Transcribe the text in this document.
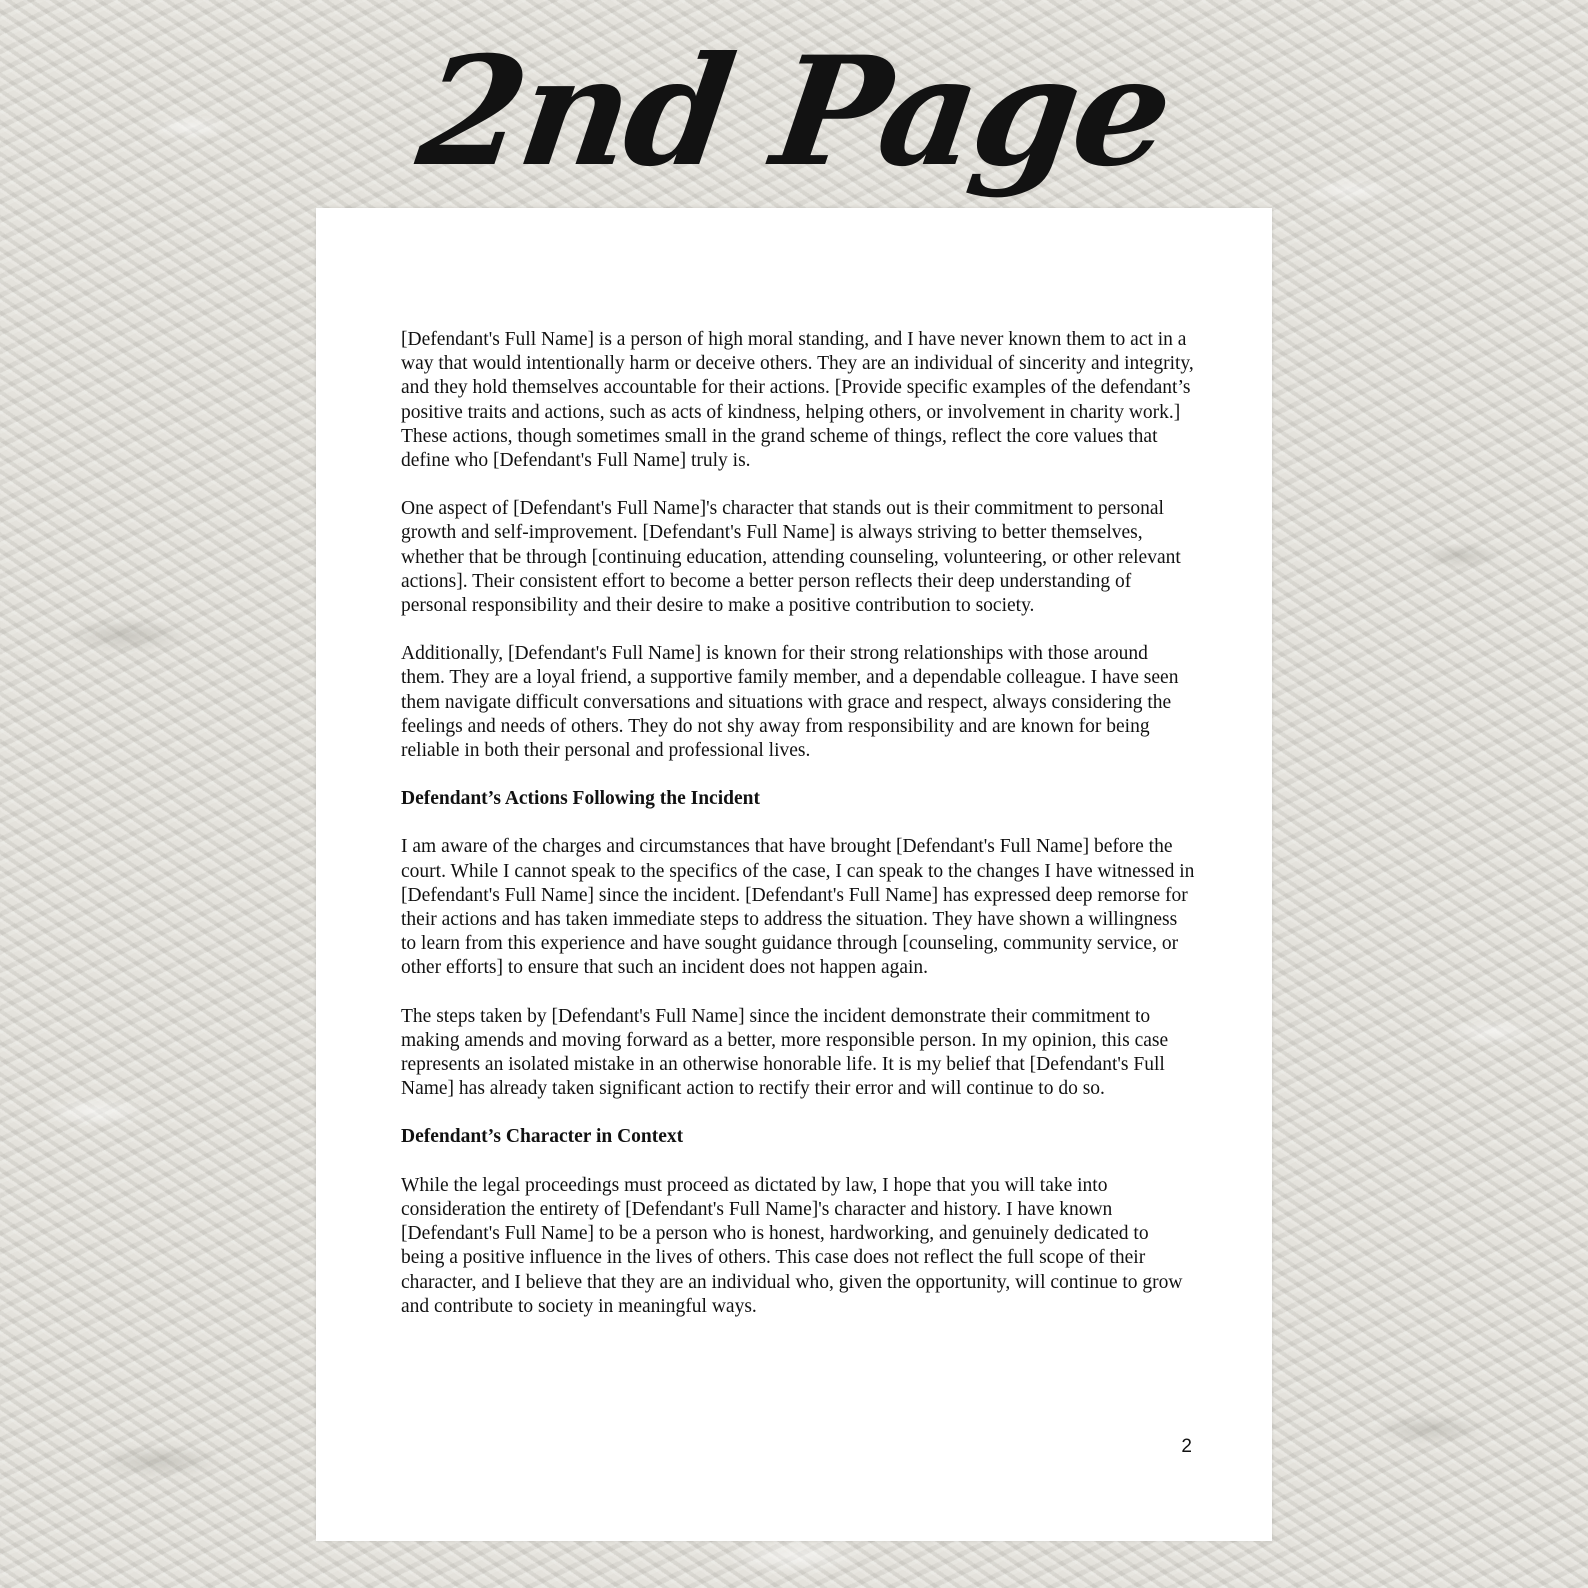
2nd Page

[Defendant's Full Name] is a person of high moral standing, and I have never known them to act in a way that would intentionally harm or deceive others. They are an individual of sincerity and integrity, and they hold themselves accountable for their actions. [Provide specific examples of the defendant’s positive traits and actions, such as acts of kindness, helping others, or involvement in charity work.] These actions, though sometimes small in the grand scheme of things, reflect the core values that define who [Defendant's Full Name] truly is.

One aspect of [Defendant's Full Name]'s character that stands out is their commitment to personal growth and self-improvement. [Defendant's Full Name] is always striving to better themselves, whether that be through [continuing education, attending counseling, volunteering, or other relevant actions]. Their consistent effort to become a better person reflects their deep understanding of personal responsibility and their desire to make a positive contribution to society.

Additionally, [Defendant's Full Name] is known for their strong relationships with those around them. They are a loyal friend, a supportive family member, and a dependable colleague. I have seen them navigate difficult conversations and situations with grace and respect, always considering the feelings and needs of others. They do not shy away from responsibility and are known for being reliable in both their personal and professional lives.

Defendant’s Actions Following the Incident

I am aware of the charges and circumstances that have brought [Defendant's Full Name] before the court. While I cannot speak to the specifics of the case, I can speak to the changes I have witnessed in [Defendant's Full Name] since the incident. [Defendant's Full Name] has expressed deep remorse for their actions and has taken immediate steps to address the situation. They have shown a willingness to learn from this experience and have sought guidance through [counseling, community service, or other efforts] to ensure that such an incident does not happen again.

The steps taken by [Defendant's Full Name] since the incident demonstrate their commitment to making amends and moving forward as a better, more responsible person. In my opinion, this case represents an isolated mistake in an otherwise honorable life. It is my belief that [Defendant's Full Name] has already taken significant action to rectify their error and will continue to do so.

Defendant’s Character in Context

While the legal proceedings must proceed as dictated by law, I hope that you will take into consideration the entirety of [Defendant's Full Name]'s character and history. I have known [Defendant's Full Name] to be a person who is honest, hardworking, and genuinely dedicated to being a positive influence in the lives of others. This case does not reflect the full scope of their character, and I believe that they are an individual who, given the opportunity, will continue to grow and contribute to society in meaningful ways.

2
